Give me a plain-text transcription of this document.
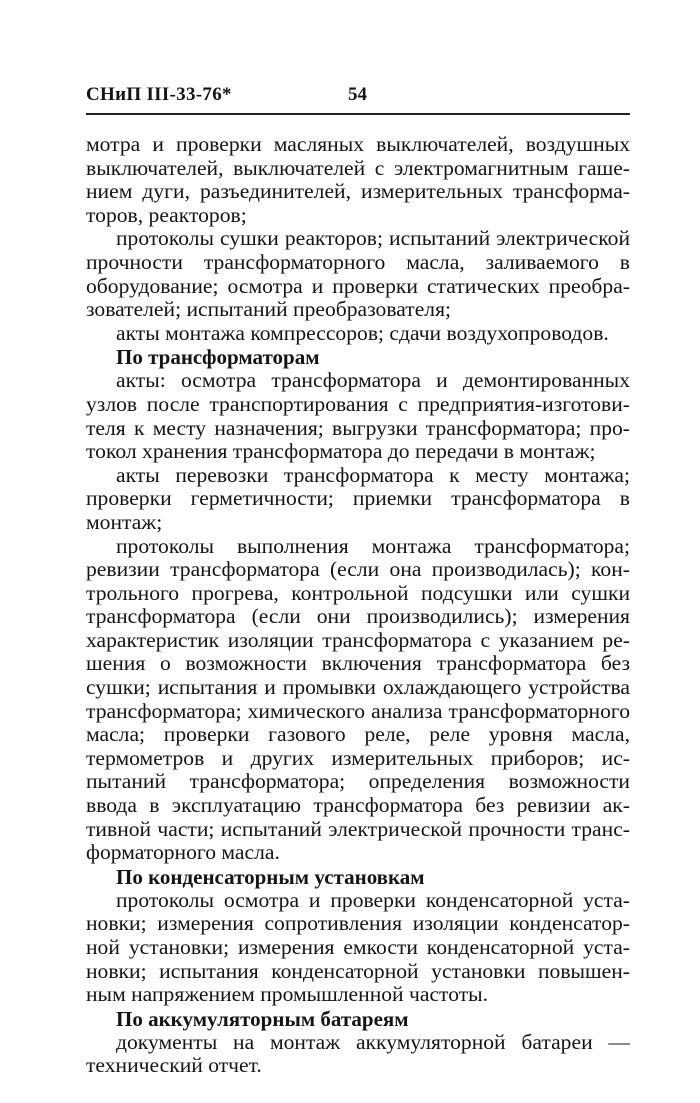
СНиП III-33-76*	54

мотра и проверки масляных выключателей, воздушных выключателей, выключателей с электромагнитным гашением дуги, разъединителей, измерительных трансформаторов, реакторов;

протоколы сушки реакторов; испытаний электрической прочности трансформаторного масла, заливаемого в оборудование; осмотра и проверки статических преобразователей; испытаний преобразователя;

акты монтажа компрессоров; сдачи воздухопроводов.

По трансформаторам

акты: осмотра трансформатора и демонтированных узлов после транспортирования с предприятия-изготовителя к месту назначения; выгрузки трансформатора; протокол хранения трансформатора до передачи в монтаж;

акты перевозки трансформатора к месту монтажа; проверки герметичности; приемки трансформатора в монтаж;

протоколы выполнения монтажа трансформатора; ревизии трансформатора (если она производилась); контрольного прогрева, контрольной подсушки или сушки трансформатора (если они производились); измерения характеристик изоляции трансформатора с указанием решения о возможности включения трансформатора без сушки; испытания и промывки охлаждающего устройства трансформатора; химического анализа трансформаторного масла; проверки газового реле, реле уровня масла, термометров и других измерительных приборов; испытаний трансформатора; определения возможности ввода в эксплуатацию трансформатора без ревизии активной части; испытаний электрической прочности трансформаторного масла.

По конденсаторным установкам

протоколы осмотра и проверки конденсаторной установки; измерения сопротивления изоляции конденсаторной установки; измерения емкости конденсаторной установки; испытания конденсаторной установки повышенным напряжением промышленной частоты.

По аккумуляторным батареям

документы на монтаж аккумуляторной батареи — технический отчет.
